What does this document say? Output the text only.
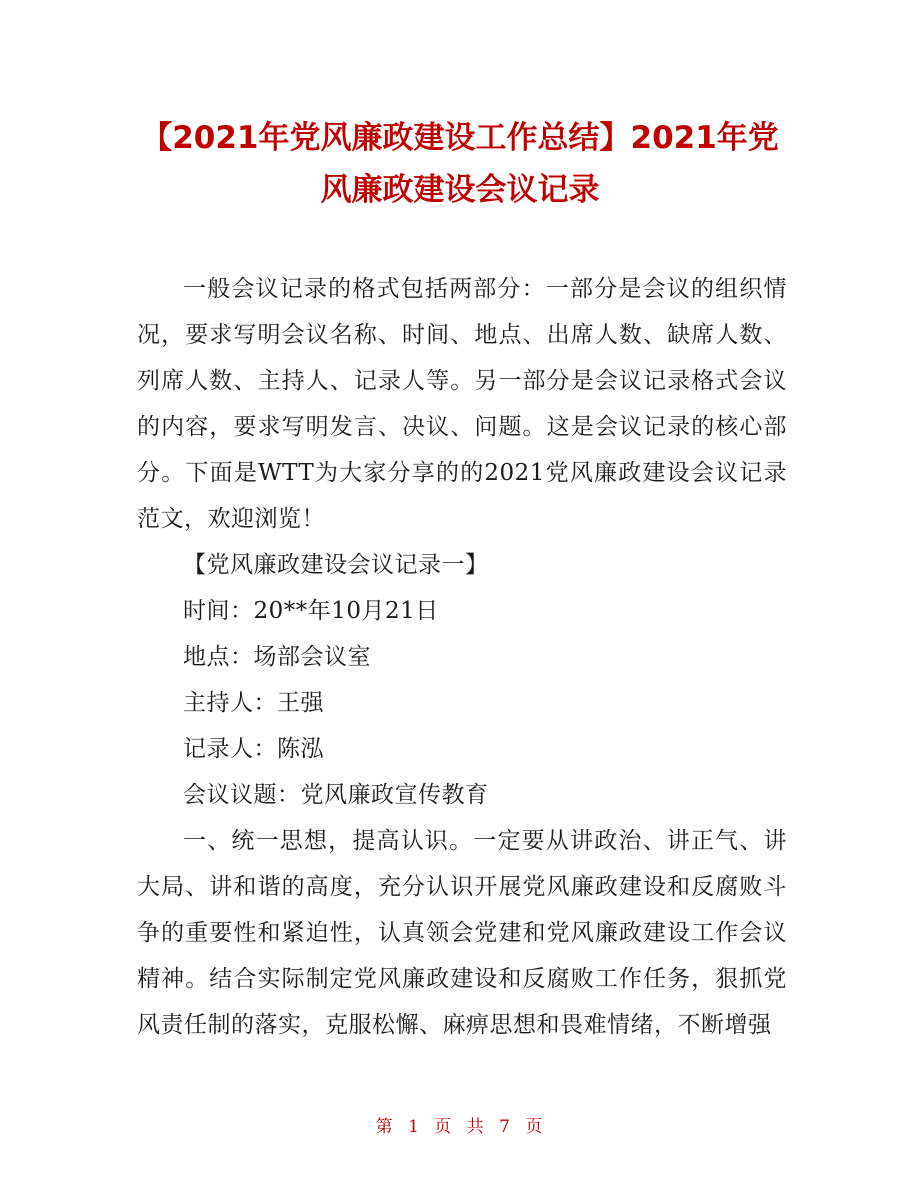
【2021年党风廉政建设工作总结】2021年党
风廉政建设会议记录

一般会议记录的格式包括两部分：一部分是会议的组织情况，要求写明会议名称、时间、地点、出席人数、缺席人数、列席人数、主持人、记录人等。另一部分是会议记录格式会议的内容，要求写明发言、决议、问题。这是会议记录的核心部分。下面是WTT为大家分享的的2021党风廉政建设会议记录范文，欢迎浏览！

【党风廉政建设会议记录一】

时间：20**年10月21日

地点：场部会议室

主持人：王强

记录人：陈泓

会议议题：党风廉政宣传教育

一、统一思想，提高认识。一定要从讲政治、讲正气、讲大局、讲和谐的高度，充分认识开展党风廉政建设和反腐败斗争的重要性和紧迫性，认真领会党建和党风廉政建设工作会议精神。结合实际制定党风廉政建设和反腐败工作任务，狠抓党风责任制的落实，克服松懈、麻痹思想和畏难情绪，不断增强

第 1 页 共 7 页
